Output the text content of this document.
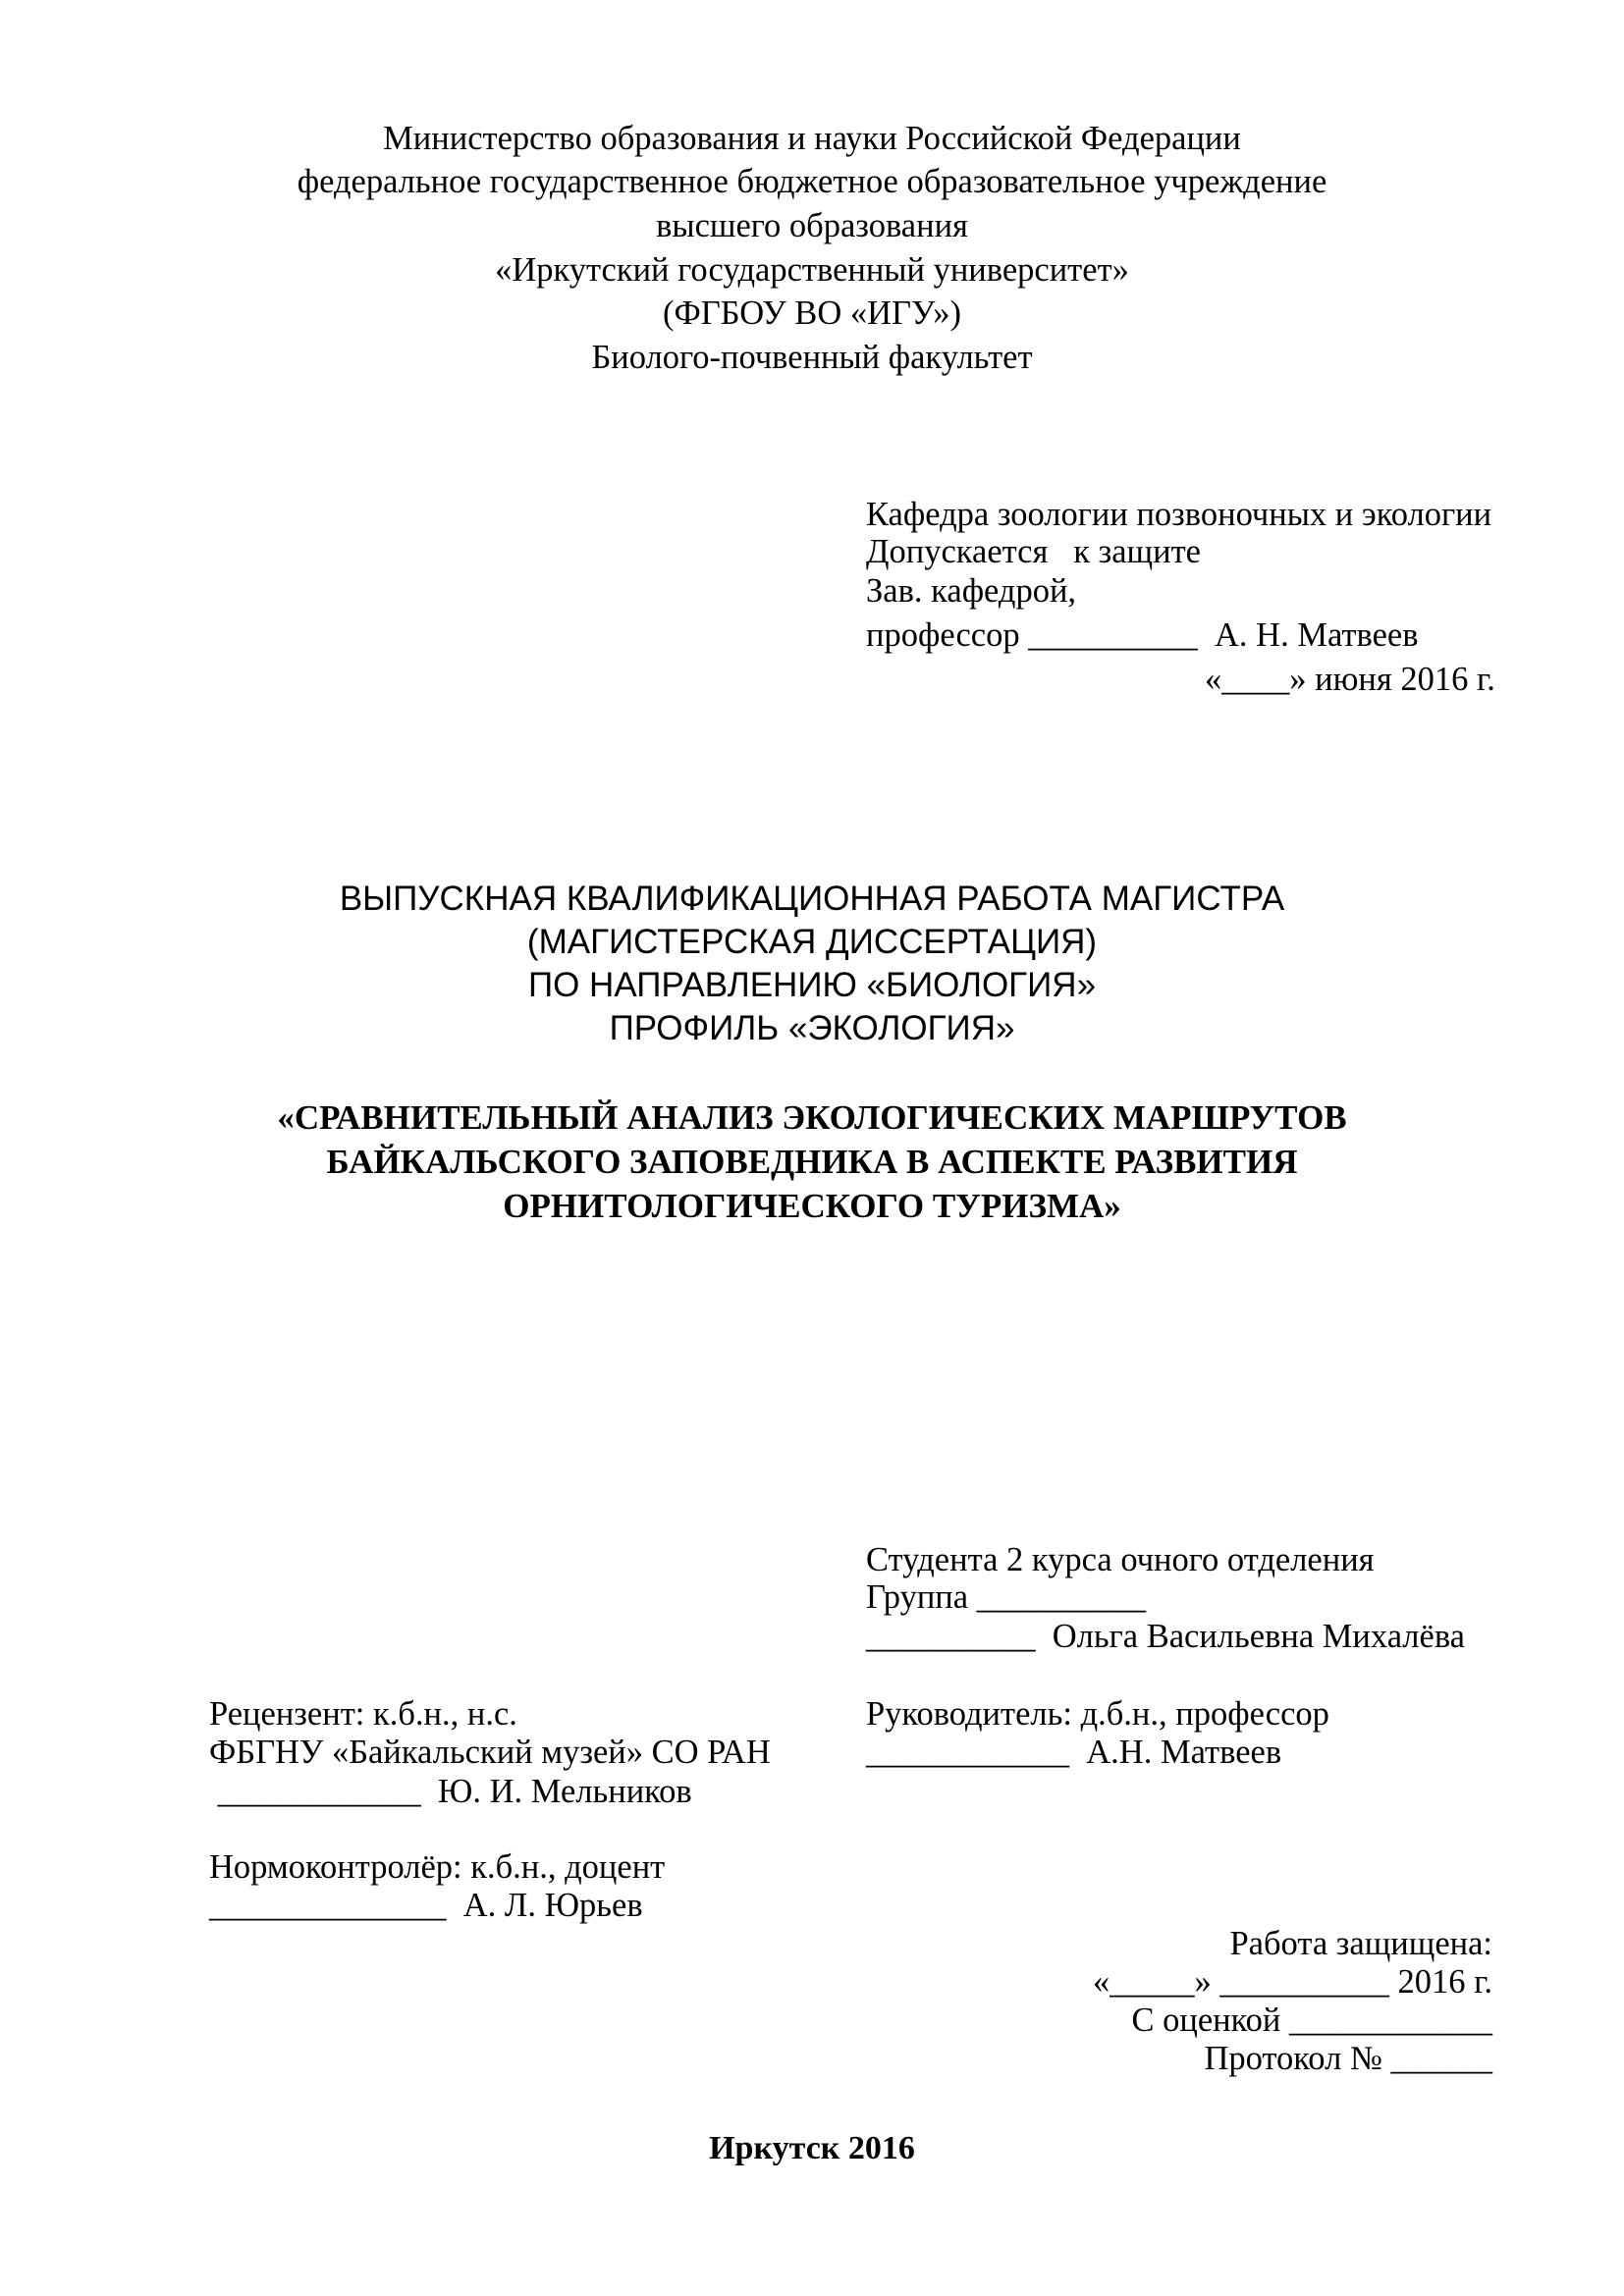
Министерство образования и науки Российской Федерации
федеральное государственное бюджетное образовательное учреждение
высшего образования
«Иркутский государственный университет»
(ФГБОУ ВО «ИГУ»)
Биолого-почвенный факультет
Кафедра зоологии позвоночных и экологии
Допускается   к защите
Зав. кафедрой,
профессор __________  А. Н. Матвеев
«____» июня 2016 г.
ВЫПУСКНАЯ КВАЛИФИКАЦИОННАЯ РАБОТА МАГИСТРА
(МАГИСТЕРСКАЯ ДИССЕРТАЦИЯ)
ПО НАПРАВЛЕНИЮ «БИОЛОГИЯ»
ПРОФИЛЬ «ЭКОЛОГИЯ»
«СРАВНИТЕЛЬНЫЙ АНАЛИЗ ЭКОЛОГИЧЕСКИХ МАРШРУТОВ
БАЙКАЛЬСКОГО ЗАПОВЕДНИКА В АСПЕКТЕ РАЗВИТИЯ
ОРНИТОЛОГИЧЕСКОГО ТУРИЗМА»
Студента 2 курса очного отделения
Группа __________
__________  Ольга Васильевна Михалёва
Рецензент: к.б.н., н.с.
ФБГНУ «Байкальский музей» СО РАН
____________  Ю. И. Мельников
Руководитель: д.б.н., профессор
____________  А.Н. Матвеев
Нормоконтролёр: к.б.н., доцент
______________  А. Л. Юрьев
Работа защищена:
«_____» __________ 2016 г.
С оценкой ____________
Протокол № ______
Иркутск 2016
